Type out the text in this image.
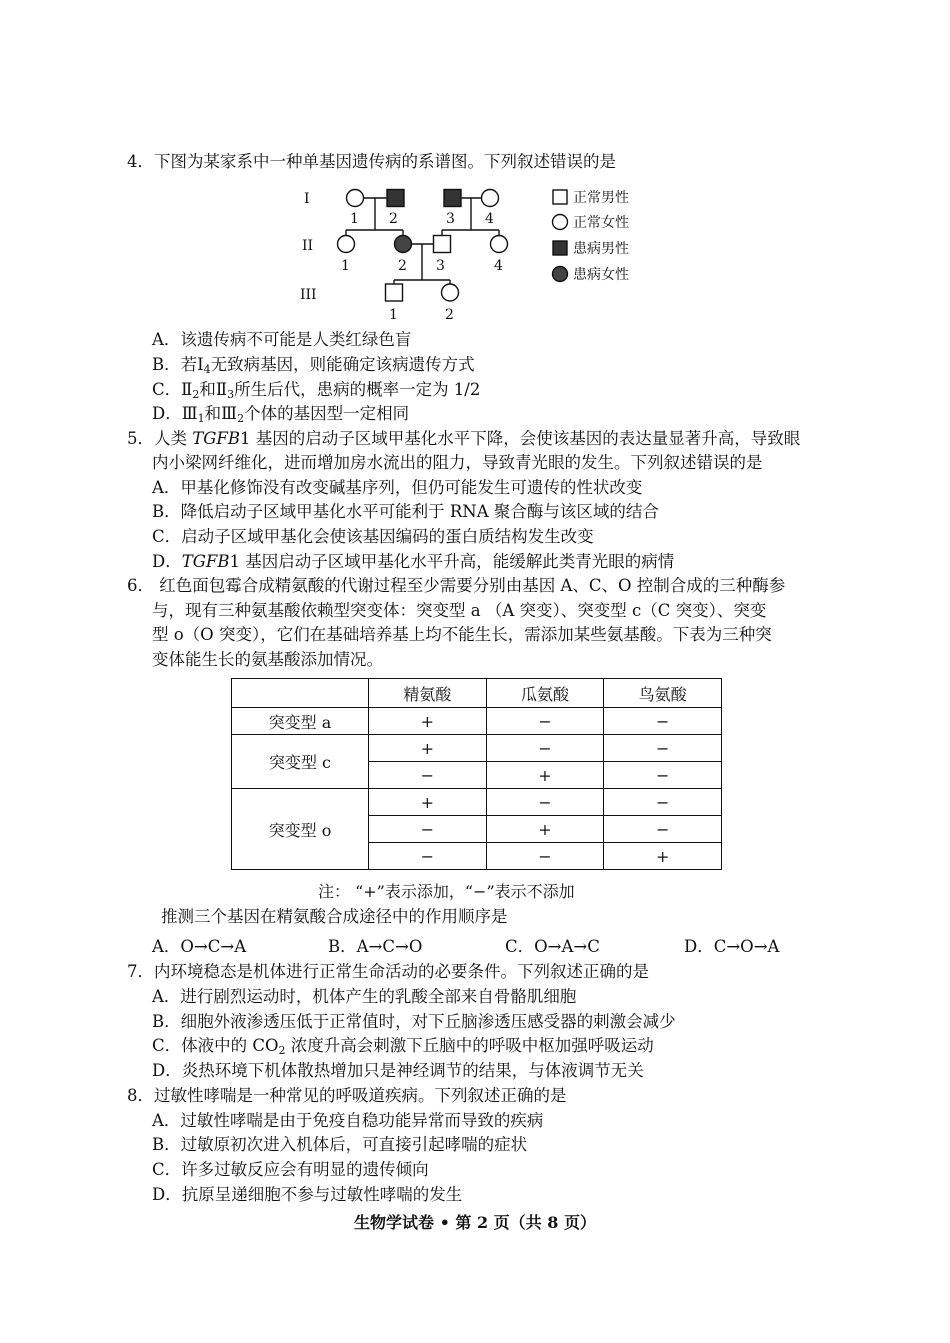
4．下图为某家系中一种单基因遗传病的系谱图。下列叙述错误的是
I
II
III
1 2	3 4
1	2 3	4
1	2
正常男性
正常女性
患病男性
患病女性
A．该遗传病不可能是人类红绿色盲
B．若$Ⅰ_4$无致病基因，则能确定该病遗传方式
C．$Ⅱ_2$和$Ⅱ_3$所生后代，患病的概率一定为 1/2
D．$Ⅲ_1$和$Ⅲ_2$个体的基因型一定相同
5．人类 TGFB1 基因的启动子区域甲基化水平下降，会使该基因的表达量显著升高，导致眼
内小梁网纤维化，进而增加房水流出的阻力，导致青光眼的发生。下列叙述错误的是
A．甲基化修饰没有改变碱基序列，但仍可能发生可遗传的性状改变
B．降低启动子区域甲基化水平可能利于 RNA 聚合酶与该区域的结合
C．启动子区域甲基化会使该基因编码的蛋白质结构发生改变
D．TGFB1 基因启动子区域甲基化水平升高，能缓解此类青光眼的病情
6． 红色面包霉合成精氨酸的代谢过程至少需要分别由基因 A、C、O 控制合成的三种酶参
与，现有三种氨基酸依赖型突变体：突变型 a （A 突变）、突变型 c（C 突变）、突变
型 o（O 突变），它们在基础培养基上均不能生长，需添加某些氨基酸。下表为三种突
变体能生长的氨基酸添加情况。
	精氨酸	瓜氨酸	鸟氨酸
突变型 a	+	−	−
突变型 c	+	−	−
	−	+	−
突变型 o	+	−	−
	−	+	−
	−	−	+
注： “+”表示添加，“−”表示不添加
推测三个基因在精氨酸合成途径中的作用顺序是
A．O→C→A	B．A→C→O	C．O→A→C	D．C→O→A
7．内环境稳态是机体进行正常生命活动的必要条件。下列叙述正确的是
A．进行剧烈运动时，机体产生的乳酸全部来自骨骼肌细胞
B．细胞外液渗透压低于正常值时，对下丘脑渗透压感受器的刺激会减少
C．体液中的 $CO_2$ 浓度升高会刺激下丘脑中的呼吸中枢加强呼吸运动
D．炎热环境下机体散热增加只是神经调节的结果，与体液调节无关
8．过敏性哮喘是一种常见的呼吸道疾病。下列叙述正确的是
A．过敏性哮喘是由于免疫自稳功能异常而导致的疾病
B．过敏原初次进入机体后，可直接引起哮喘的症状
C．许多过敏反应会有明显的遗传倾向
D．抗原呈递细胞不参与过敏性哮喘的发生
生物学试卷 • 第 2 页（共 8 页）
